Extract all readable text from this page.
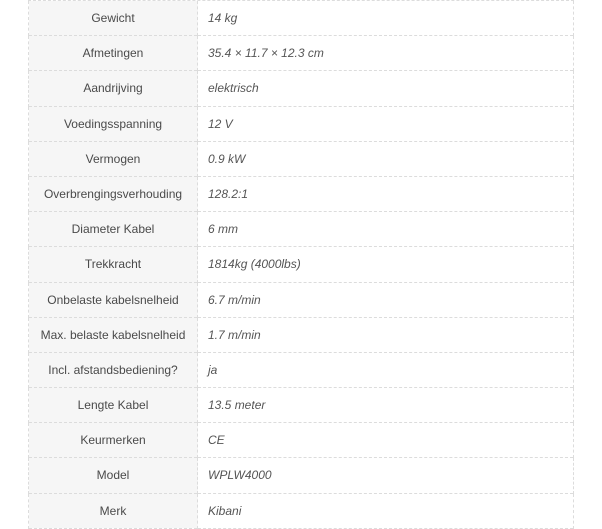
Gewicht	14 kg
Afmetingen	35.4 × 11.7 × 12.3 cm
Aandrijving	elektrisch
Voedingsspanning	12 V
Vermogen	0.9 kW
Overbrengingsverhouding	128.2:1
Diameter Kabel	6 mm
Trekkracht	1814kg (4000lbs)
Onbelaste kabelsnelheid	6.7 m/min
Max. belaste kabelsnelheid	1.7 m/min
Incl. afstandsbediening?	ja
Lengte Kabel	13.5 meter
Keurmerken	CE
Model	WPLW4000
Merk	Kibani
